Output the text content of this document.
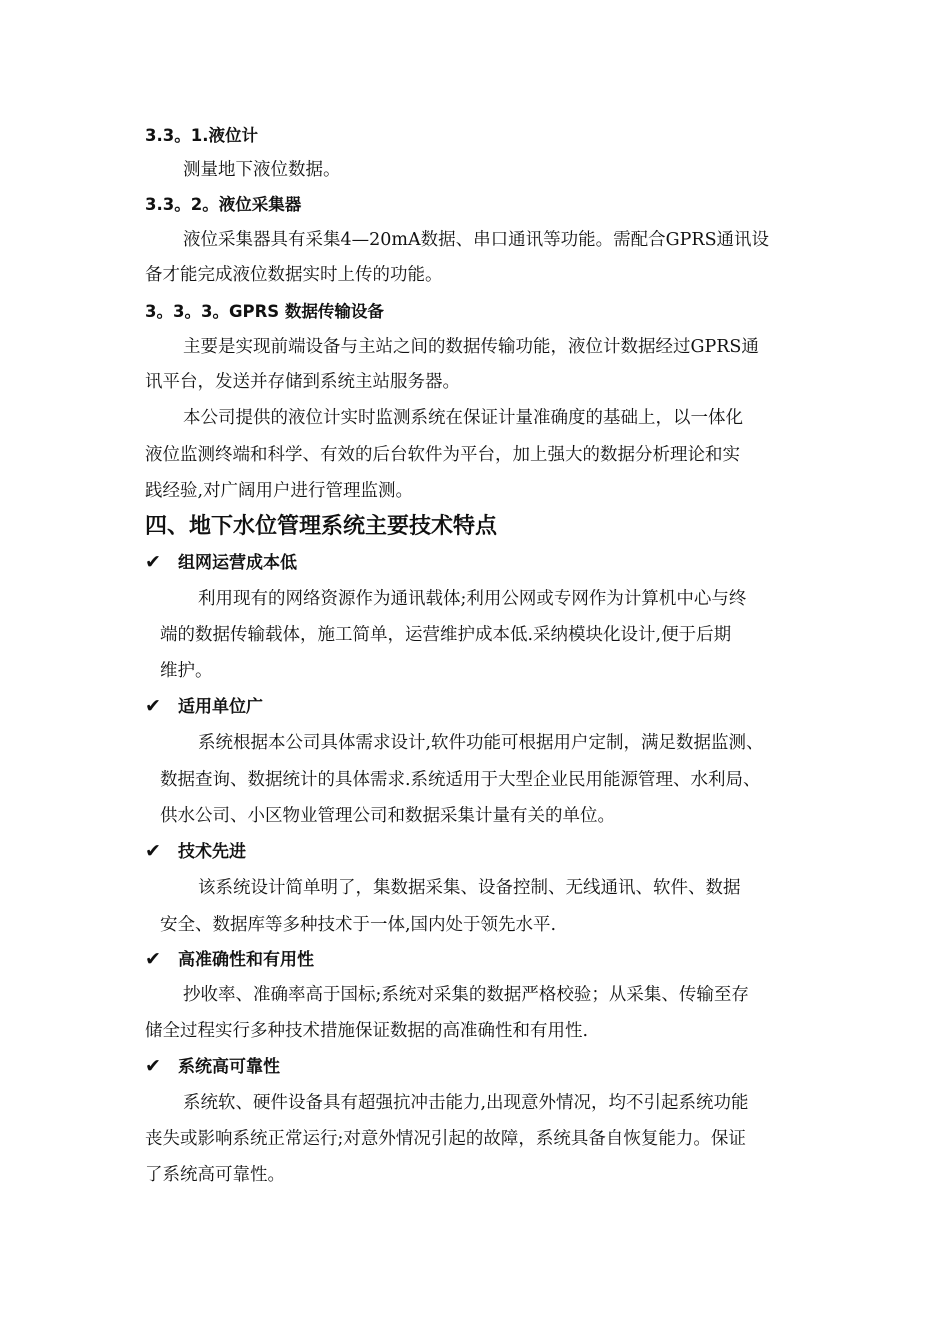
3.3。1.液位计
测量地下液位数据。
3.3。2。液位采集器
液位采集器具有采集4—20mA数据、串口通讯等功能。需配合GPRS通讯设
备才能完成液位数据实时上传的功能。
3。3。3。GPRS 数据传输设备
主要是实现前端设备与主站之间的数据传输功能，液位计数据经过GPRS通
讯平台，发送并存储到系统主站服务器。
本公司提供的液位计实时监测系统在保证计量准确度的基础上，以一体化
液位监测终端和科学、有效的后台软件为平台，加上强大的数据分析理论和实
践经验,对广阔用户进行管理监测。
四、地下水位管理系统主要技术特点
✔ 组网运营成本低
利用现有的网络资源作为通讯载体;利用公网或专网作为计算机中心与终
端的数据传输载体，施工简单，运营维护成本低.采纳模块化设计,便于后期
维护。
✔ 适用单位广
系统根据本公司具体需求设计,软件功能可根据用户定制，满足数据监测、
数据查询、数据统计的具体需求.系统适用于大型企业民用能源管理、水利局、
供水公司、小区物业管理公司和数据采集计量有关的单位。
✔ 技术先进
该系统设计简单明了，集数据采集、设备控制、无线通讯、软件、数据
安全、数据库等多种技术于一体,国内处于领先水平.
✔ 高准确性和有用性
抄收率、准确率高于国标;系统对采集的数据严格校验；从采集、传输至存
储全过程实行多种技术措施保证数据的高准确性和有用性.
✔ 系统高可靠性
系统软、硬件设备具有超强抗冲击能力,出现意外情况，均不引起系统功能
丧失或影响系统正常运行;对意外情况引起的故障，系统具备自恢复能力。保证
了系统高可靠性。
